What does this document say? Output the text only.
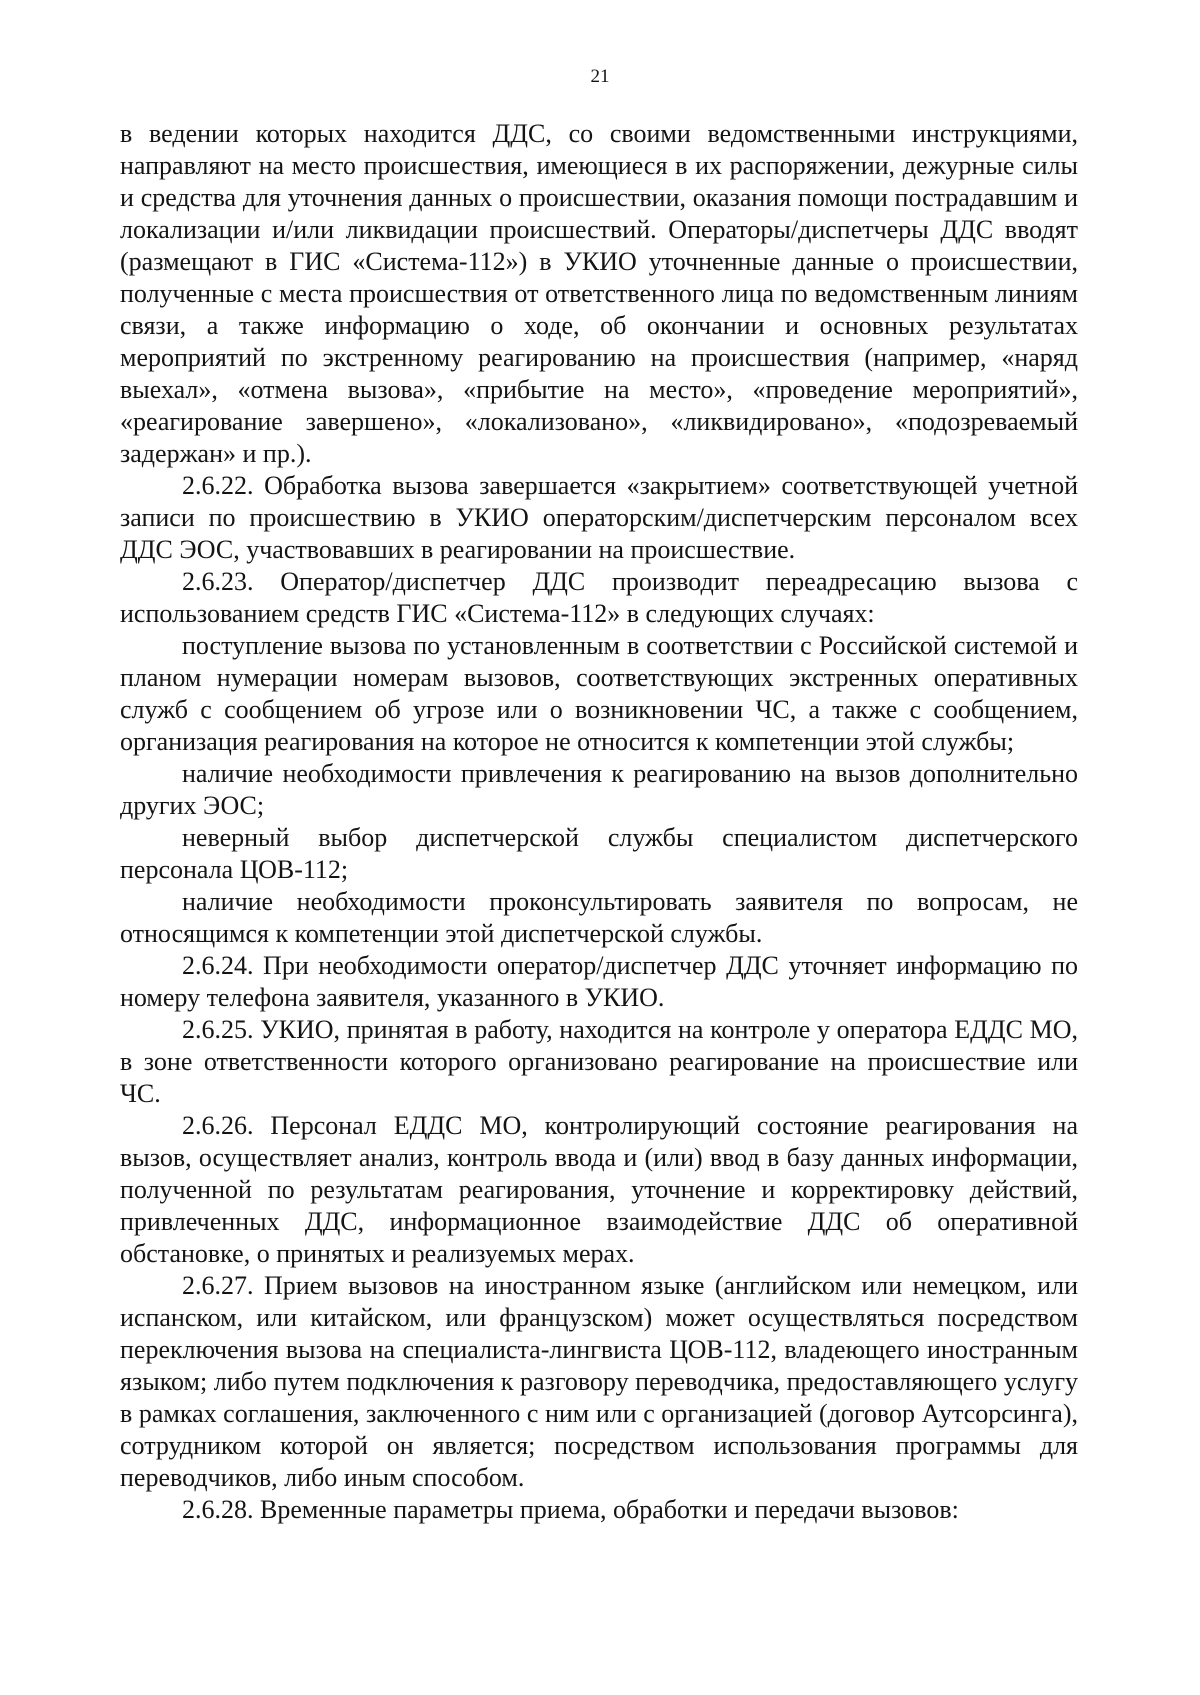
21

в ведении которых находится ДДС, со своими ведомственными инструкциями, направляют на место происшествия, имеющиеся в их распоряжении, дежурные силы и средства для уточнения данных о происшествии, оказания помощи пострадавшим и локализации и/или ликвидации происшествий. Операторы/диспетчеры ДДС вводят (размещают в ГИС «Система-112») в УКИО уточненные данные о происшествии, полученные с места происшествия от ответственного лица по ведомственным линиям связи, а также информацию о ходе, об окончании и основных результатах мероприятий по экстренному реагированию на происшествия (например, «наряд выехал», «отмена вызова», «прибытие на место», «проведение мероприятий», «реагирование завершено», «локализовано», «ликвидировано», «подозреваемый задержан» и пр.).

2.6.22. Обработка вызова завершается «закрытием» соответствующей учетной записи по происшествию в УКИО операторским/диспетчерским персоналом всех ДДС ЭОС, участвовавших в реагировании на происшествие.

2.6.23. Оператор/диспетчер ДДС производит переадресацию вызова с использованием средств ГИС «Система-112» в следующих случаях:

поступление вызова по установленным в соответствии с Российской системой и планом нумерации номерам вызовов, соответствующих экстренных оперативных служб с сообщением об угрозе или о возникновении ЧС, а также с сообщением, организация реагирования на которое не относится к компетенции этой службы;

наличие необходимости привлечения к реагированию на вызов дополнительно других ЭОС;

неверный выбор диспетчерской службы специалистом диспетчерского персонала ЦОВ-112;

наличие необходимости проконсультировать заявителя по вопросам, не относящимся к компетенции этой диспетчерской службы.

2.6.24. При необходимости оператор/диспетчер ДДС уточняет информацию по номеру телефона заявителя, указанного в УКИО.

2.6.25. УКИО, принятая в работу, находится на контроле у оператора ЕДДС МО, в зоне ответственности которого организовано реагирование на происшествие или ЧС.

2.6.26. Персонал ЕДДС МО, контролирующий состояние реагирования на вызов, осуществляет анализ, контроль ввода и (или) ввод в базу данных информации, полученной по результатам реагирования, уточнение и корректировку действий, привлеченных ДДС, информационное взаимодействие ДДС об оперативной обстановке, о принятых и реализуемых мерах.

2.6.27. Прием вызовов на иностранном языке (английском или немецком, или испанском, или китайском, или французском) может осуществляться посредством переключения вызова на специалиста-лингвиста ЦОВ-112, владеющего иностранным языком; либо путем подключения к разговору переводчика, предоставляющего услугу в рамках соглашения, заключенного с ним или с организацией (договор Аутсорсинга), сотрудником которой он является; посредством использования программы для переводчиков, либо иным способом.

2.6.28. Временные параметры приема, обработки и передачи вызовов:
